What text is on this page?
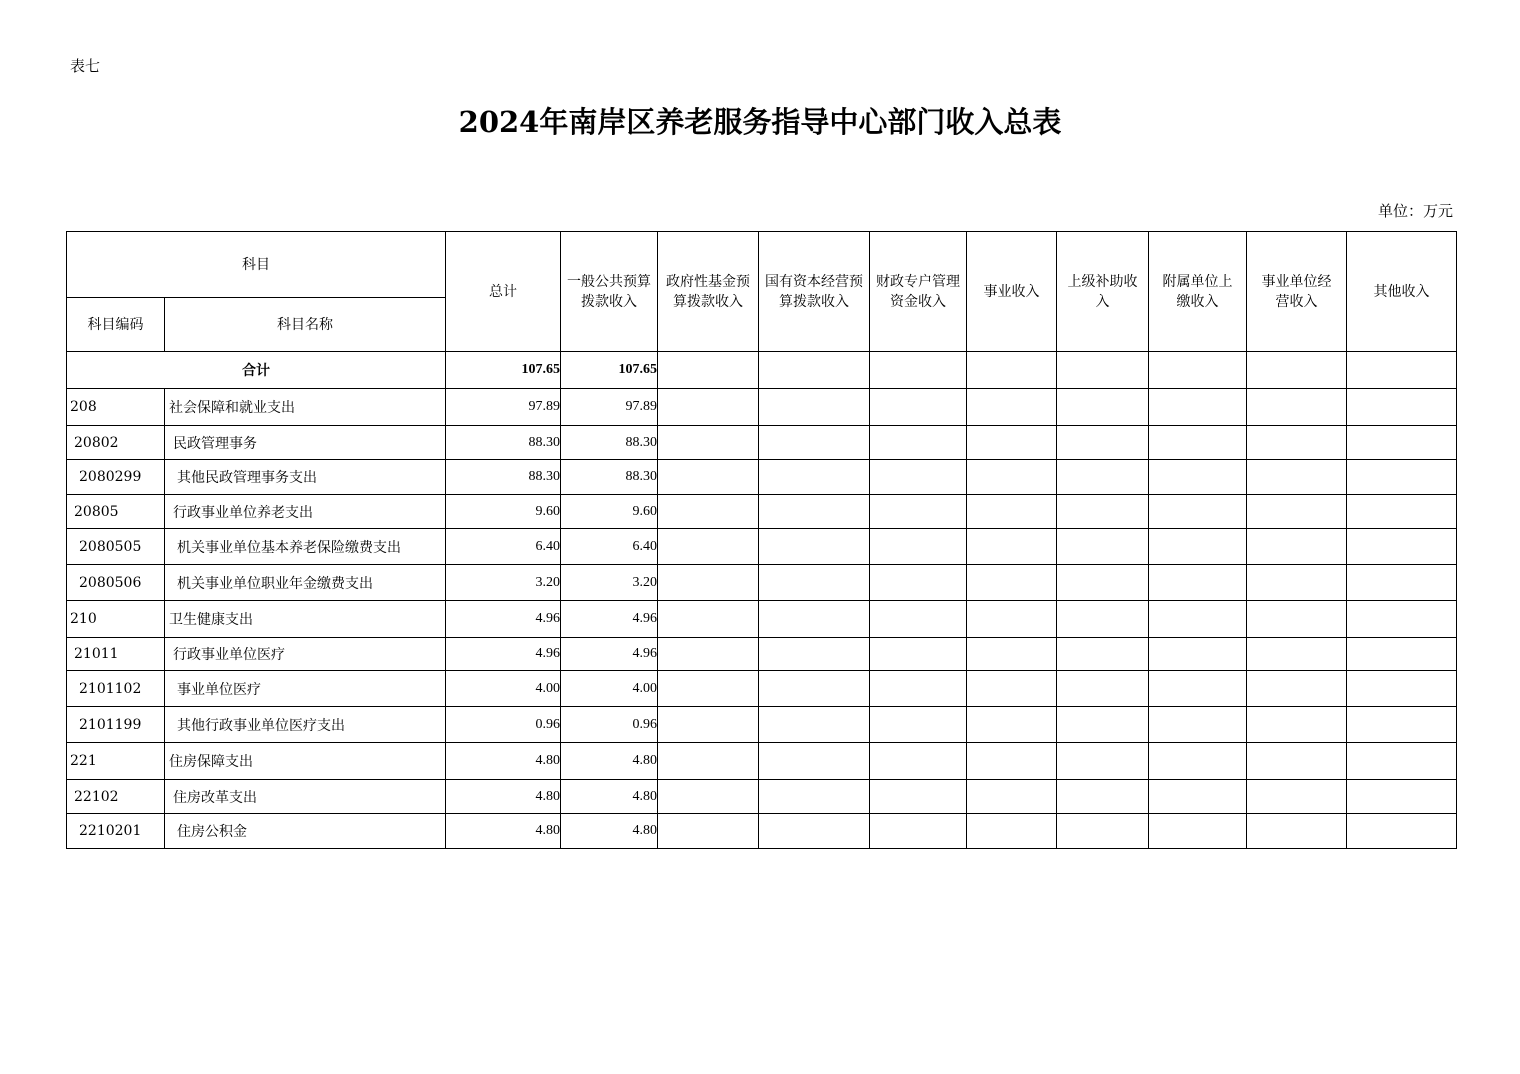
表七
2024年南岸区养老服务指导中心部门收入总表
单位：万元
科目		总计	一般公共预算拨款收入	政府性基金预算拨款收入	国有资本经营预算拨款收入	财政专户管理资金收入	事业收入	上级补助收入	附属单位上缴收入	事业单位经营收入	其他收入
科目编码	科目名称										
合计		107.65	107.65								
208	社会保障和就业支出	97.89	97.89								
20802	民政管理事务	88.30	88.30								
2080299	其他民政管理事务支出	88.30	88.30								
20805	行政事业单位养老支出	9.60	9.60								
2080505	机关事业单位基本养老保险缴费支出	6.40	6.40								
2080506	机关事业单位职业年金缴费支出	3.20	3.20								
210	卫生健康支出	4.96	4.96								
21011	行政事业单位医疗	4.96	4.96								
2101102	事业单位医疗	4.00	4.00								
2101199	其他行政事业单位医疗支出	0.96	0.96								
221	住房保障支出	4.80	4.80								
22102	住房改革支出	4.80	4.80								
2210201	住房公积金	4.80	4.80								
